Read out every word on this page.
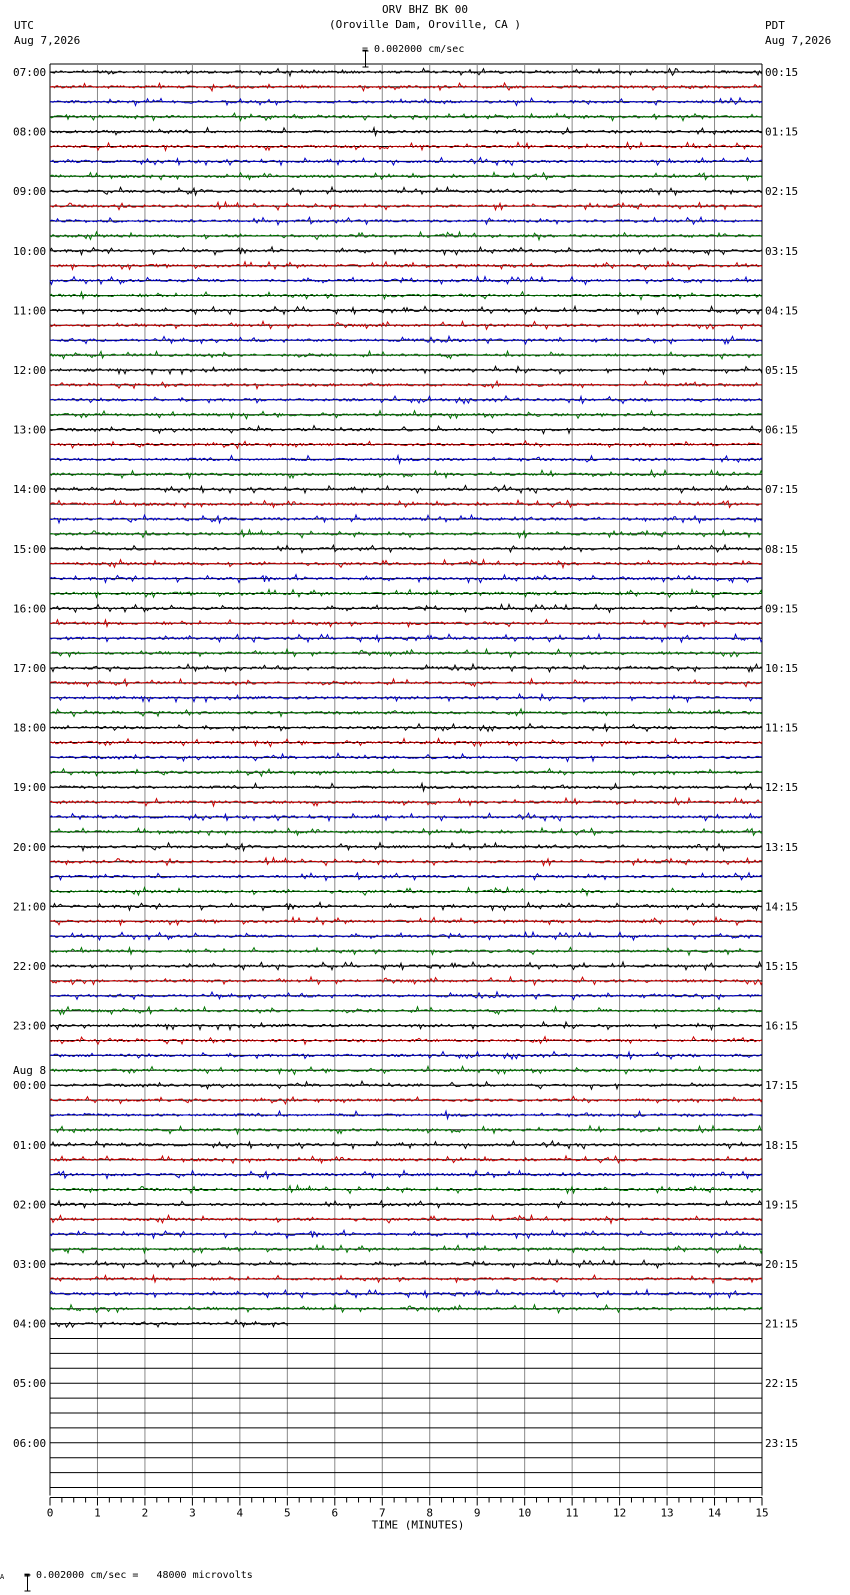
ORV BHZ BK 00
(Oroville Dam, Oroville, CA )
UTC
Aug 7,2026
PDT
Aug 7,2026

= 0.002000 cm/sec
07:00	00:15
08:00	01:15
09:00	02:15
10:00	03:15
11:00	04:15
12:00	05:15
13:00	06:15
14:00	07:15
15:00	08:15
16:00	09:15
17:00	10:15
18:00	11:15
19:00	12:15
20:00	13:15
21:00	14:15
22:00	15:15
23:00	16:15
00:00	17:15
01:00	18:15
02:00	19:15
03:00	20:15
04:00	21:15
05:00	22:15
06:00	23:15
Aug 8
0	1	2	3	4	5	6	7	8	9	10	11	12	13	14	15
TIME (MINUTES)
A

= 0.002000 cm/sec =   48000 microvolts
